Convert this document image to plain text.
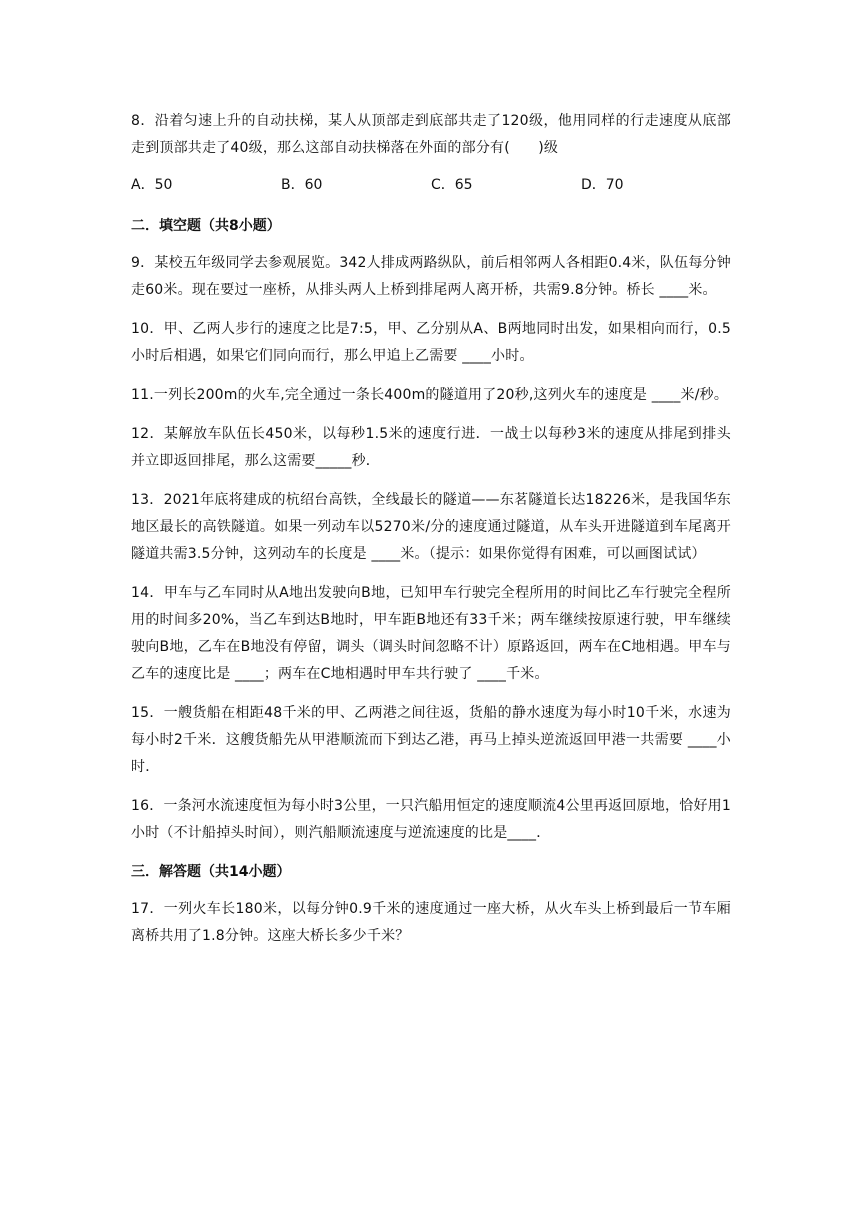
8．沿着匀速上升的自动扶梯，某人从顶部走到底部共走了120级，他用同样的行走速度从底部走到顶部共走了40级，那么这部自动扶梯落在外面的部分有(　　)级

A．50	B．60	C．65	D．70
二．填空题（共8小题）

9．某校五年级同学去参观展览。342人排成两路纵队，前后相邻两人各相距0.4米，队伍每分钟走60米。现在要过一座桥，从排头两人上桥到排尾两人离开桥，共需9.8分钟。桥长 ____米。

10．甲、乙两人步行的速度之比是7:5，甲、乙分别从A、B两地同时出发，如果相向而行，0.5小时后相遇，如果它们同向而行，那么甲追上乙需要 ____小时。

11.一列长200m的火车,完全通过一条长400m的隧道用了20秒,这列火车的速度是 ____米/秒。

12．某解放车队伍长450米，以每秒1.5米的速度行进．一战士以每秒3米的速度从排尾到排头并立即返回排尾，那么这需要_____秒．

13．2021年底将建成的杭绍台高铁，全线最长的隧道——东茗隧道长达18226米，是我国华东地区最长的高铁隧道。如果一列动车以5270米/分的速度通过隧道，从车头开进隧道到车尾离开隧道共需3.5分钟，这列动车的长度是 ____米。（提示：如果你觉得有困难，可以画图试试）

14．甲车与乙车同时从A地出发驶向B地，已知甲车行驶完全程所用的时间比乙车行驶完全程所用的时间多20%，当乙车到达B地时，甲车距B地还有33千米；两车继续按原速行驶，甲车继续驶向B地，乙车在B地没有停留，调头（调头时间忽略不计）原路返回，两车在C地相遇。甲车与乙车的速度比是 ____；两车在C地相遇时甲车共行驶了 ____千米。

15．一艘货船在相距48千米的甲、乙两港之间往返，货船的静水速度为每小时10千米，水速为每小时2千米．这艘货船先从甲港顺流而下到达乙港，再马上掉头逆流返回甲港一共需要 ____小时．

16．一条河水流速度恒为每小时3公里，一只汽船用恒定的速度顺流4公里再返回原地，恰好用1小时（不计船掉头时间），则汽船顺流速度与逆流速度的比是____．

三．解答题（共14小题）

17．一列火车长180米，以每分钟0.9千米的速度通过一座大桥，从火车头上桥到最后一节车厢离桥共用了1.8分钟。这座大桥长多少千米？
